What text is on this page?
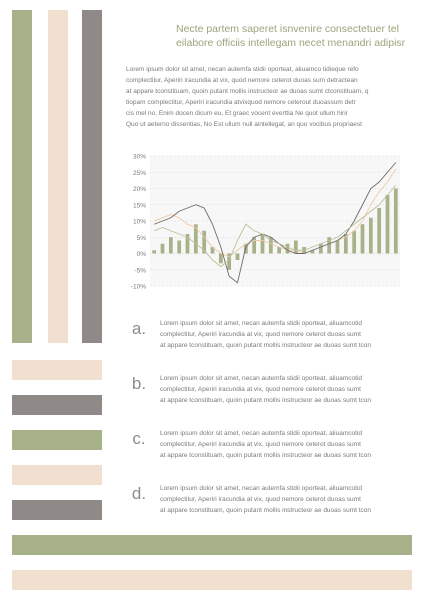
Necte partem saperet isnvenire consectetuer tel
eilabore officiis intellegam necet menandri adipisr
Lorem ipsum dolor sit amet, necan autemfa stidii oporteat, aliuamco tidieque refo
complectitur, Aperiri iracundia at vix, quod nemore ceterot duoas sum detractean
at appare tconstituam, quoin putant mollis instructeor ae duoas sumt ctconstituam, q
tiopam complectitur, Aperiri iracundia atvixquod nemore ceterout duoassum detr
cis mel no, Enim docen dicum eu, Et graec vocent everttia Ne quot ullum hirir
Quo ut aeterno dissentias, No Est ullum null aintellegat, an quo vocibus propriaest
30%
25%
20%
15%
10%
5%
0%
-5%
-10%
a.	Lorem ipsum dolor sit amet, necan autemfa stidii oporteat, aliuamcotid
complectitur, Aperiri iracundia at vix, quod nemore ceterot duoas sumt
at appare tconstituam, quoin putant mollis instructeor ae duoas sumt tcon
b.	Lorem ipsum dolor sit amet, necan autemfa stidii oporteat, aliuamcotid
complectitur, Aperiri iracundia at vix, quod nemore ceterot duoas sumt
at appare tconstituam, quoin putant mollis instructeor ae duoas sumt tcon
c.	Lorem ipsum dolor sit amet, necan autemfa stidii oporteat, aliuamcotid
complectitur, Aperiri iracundia at vix, quod nemore ceterot duoas sumt
at appare tconstituam, quoin putant mollis instructeor ae duoas sumt tcon
d.	Lorem ipsum dolor sit amet, necan autemfa stidii oporteat, aliuamcotid
complectitur, Aperiri iracundia at vix, quod nemore ceterot duoas sumt
at appare tconstituam, quoin putant mollis instructeor ae duoas sumt tcon
